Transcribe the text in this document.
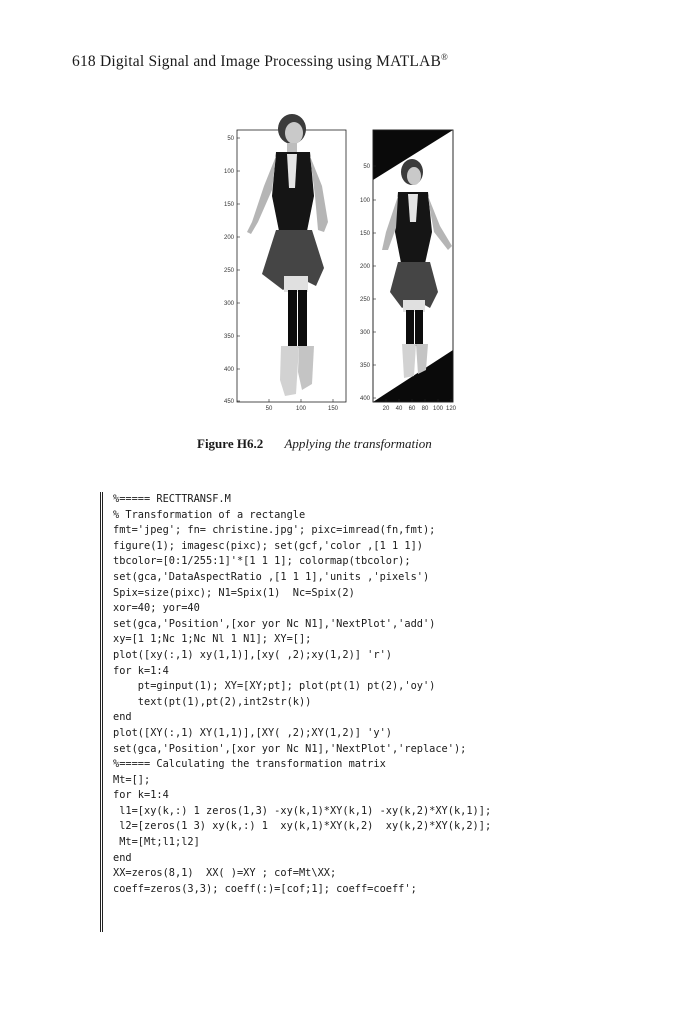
618 Digital Signal and Image Processing using MATLAB®
50
100
150
200
250
300
350
400
450
50	100	150
50
100
150
200
250
300
350
400
20 40 60 80 100 120
Figure H6.2 Applying the transformation
%===== RECTTRANSF.M
% Transformation of a rectangle
fmt='jpeg'; fn= christine.jpg'; pixc=imread(fn,fmt);
figure(1); imagesc(pixc); set(gcf,'color ,[1 1 1])
tbcolor=[0:1/255:1]'*[1 1 1]; colormap(tbcolor);
set(gca,'DataAspectRatio ,[1 1 1],'units ,'pixels')
Spix=size(pixc); N1=Spix(1)  Nc=Spix(2)
xor=40; yor=40
set(gca,'Position',[xor yor Nc N1],'NextPlot','add')
xy=[1 1;Nc 1;Nc Nl 1 N1]; XY=[];
plot([xy(:,1) xy(1,1)],[xy( ,2);xy(1,2)] 'r')
for k=1:4
pt=ginput(1); XY=[XY;pt]; plot(pt(1) pt(2),'oy')
text(pt(1),pt(2),int2str(k))
end
plot([XY(:,1) XY(1,1)],[XY( ,2);XY(1,2)] 'y')
set(gca,'Position',[xor yor Nc N1],'NextPlot','replace');
%===== Calculating the transformation matrix
Mt=[];
for k=1:4
l1=[xy(k,:) 1 zeros(1,3) -xy(k,1)*XY(k,1) -xy(k,2)*XY(k,1)];
l2=[zeros(1 3) xy(k,:) 1  xy(k,1)*XY(k,2)  xy(k,2)*XY(k,2)];
Mt=[Mt;l1;l2]
end
XX=zeros(8,1)  XX( )=XY ; cof=Mt\XX;
coeff=zeros(3,3); coeff(:)=[cof;1]; coeff=coeff';
